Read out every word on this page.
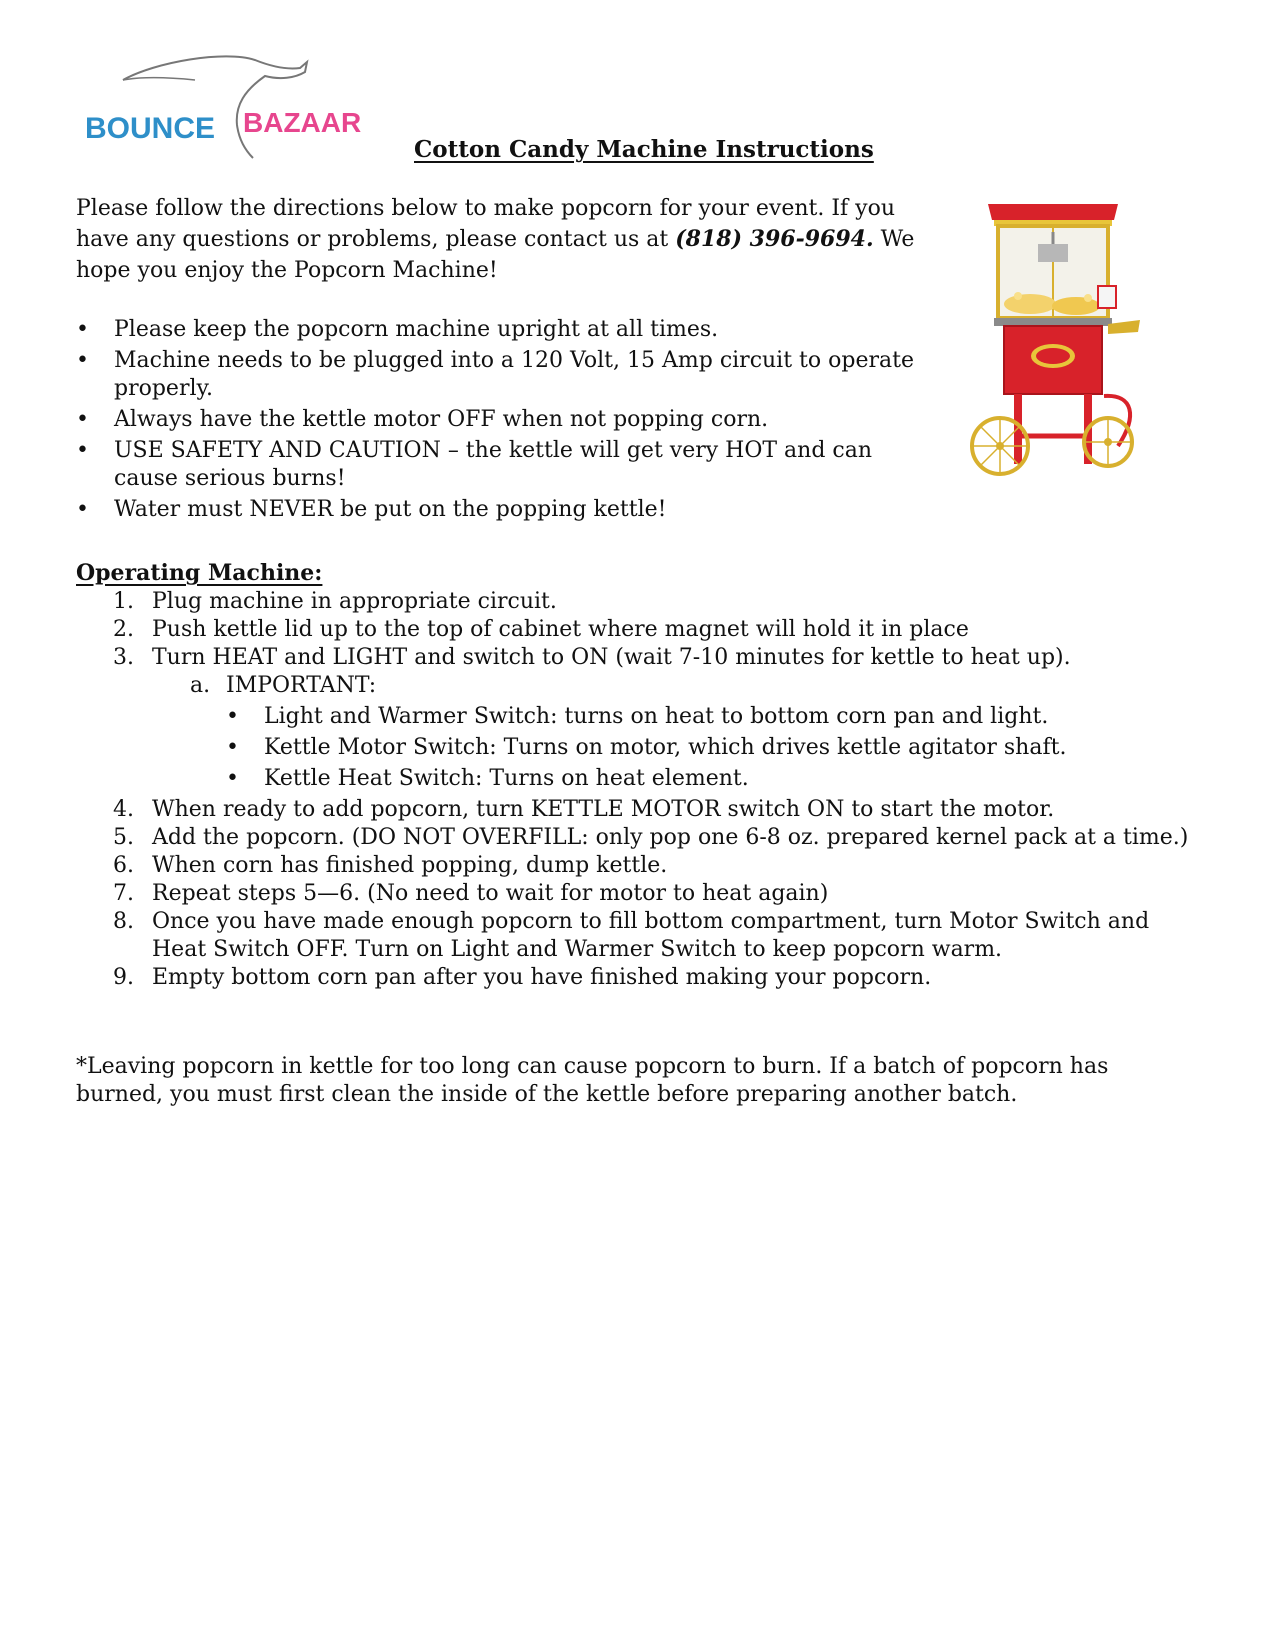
BOUNCE BAZAAR
Cotton Candy Machine Instructions

Please follow the directions below to make popcorn for your event. If you have any questions or problems, please contact us at (818) 396-9694. We hope you enjoy the Popcorn Machine!

• Please keep the popcorn machine upright at all times.
• Machine needs to be plugged into a 120 Volt, 15 Amp circuit to operate properly.
• Always have the kettle motor OFF when not popping corn.
• USE SAFETY AND CAUTION – the kettle will get very HOT and can cause serious burns!
• Water must NEVER be put on the popping kettle!
Operating Machine:
1. Plug machine in appropriate circuit.
2. Push kettle lid up to the top of cabinet where magnet will hold it in place
3. Turn HEAT and LIGHT and switch to ON (wait 7-10 minutes for kettle to heat up).
a. IMPORTANT:
• Light and Warmer Switch: turns on heat to bottom corn pan and light.
• Kettle Motor Switch: Turns on motor, which drives kettle agitator shaft.
• Kettle Heat Switch: Turns on heat element.
4. When ready to add popcorn, turn KETTLE MOTOR switch ON to start the motor.
5. Add the popcorn. (DO NOT OVERFILL: only pop one 6-8 oz. prepared kernel pack at a time.)
6. When corn has finished popping, dump kettle.
7. Repeat steps 5—6. (No need to wait for motor to heat again)
8. Once you have made enough popcorn to fill bottom compartment, turn Motor Switch and Heat Switch OFF. Turn on Light and Warmer Switch to keep popcorn warm.
9. Empty bottom corn pan after you have finished making your popcorn.

*Leaving popcorn in kettle for too long can cause popcorn to burn. If a batch of popcorn has burned, you must first clean the inside of the kettle before preparing another batch.
